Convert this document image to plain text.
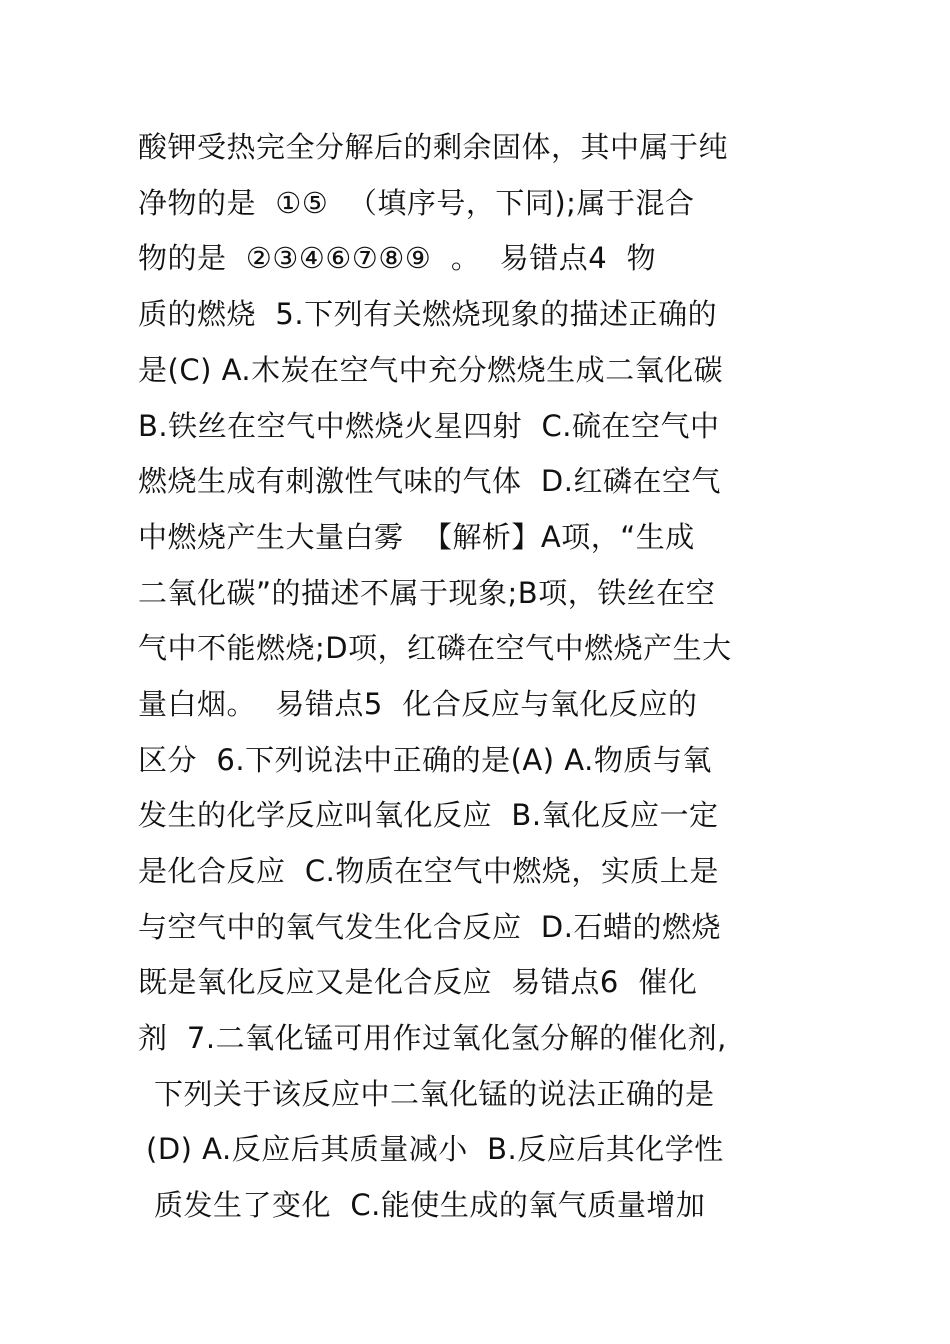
酸钾受热完全分解后的剩余固体，其中属于纯
净物的是  ①⑤  （填序号，下同);属于混合
物的是  ②③④⑥⑦⑧⑨  。  易错点4  物
质的燃烧  5.下列有关燃烧现象的描述正确的
是(C) A.木炭在空气中充分燃烧生成二氧化碳
B.铁丝在空气中燃烧火星四射  C.硫在空气中
燃烧生成有刺激性气味的气体  D.红磷在空气
中燃烧产生大量白雾  【解析】A项，“生成
二氧化碳”的描述不属于现象;B项，铁丝在空
气中不能燃烧;D项，红磷在空气中燃烧产生大
量白烟。  易错点5  化合反应与氧化反应的
区分  6.下列说法中正确的是(A) A.物质与氧
发生的化学反应叫氧化反应  B.氧化反应一定
是化合反应  C.物质在空气中燃烧，实质上是
与空气中的氧气发生化合反应  D.石蜡的燃烧
既是氧化反应又是化合反应  易错点6  催化
剂  7.二氧化锰可用作过氧化氢分解的催化剂,
下列关于该反应中二氧化锰的说法正确的是
(D) A.反应后其质量减小  B.反应后其化学性
质发生了变化  C.能使生成的氧气质量增加
